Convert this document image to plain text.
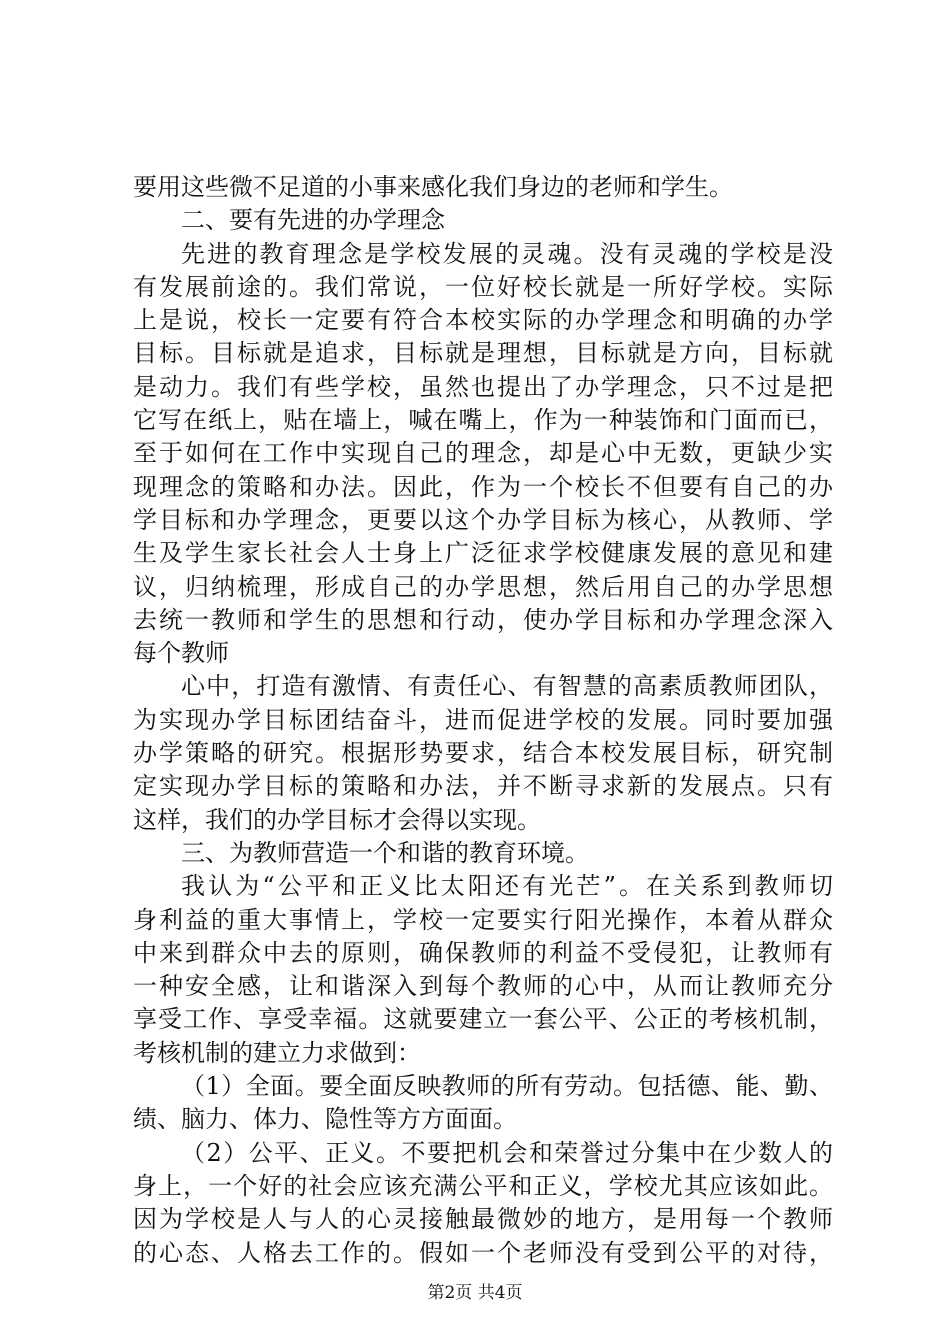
要用这些微不足道的小事来感化我们身边的老师和学生。
二、要有先进的办学理念
先进的教育理念是学校发展的灵魂。没有灵魂的学校是没
有发展前途的。我们常说，一位好校长就是一所好学校。实际
上是说，校长一定要有符合本校实际的办学理念和明确的办学
目标。目标就是追求，目标就是理想，目标就是方向，目标就
是动力。我们有些学校，虽然也提出了办学理念，只不过是把
它写在纸上，贴在墙上，喊在嘴上，作为一种装饰和门面而已，
至于如何在工作中实现自己的理念，却是心中无数，更缺少实
现理念的策略和办法。因此，作为一个校长不但要有自己的办
学目标和办学理念，更要以这个办学目标为核心，从教师、学
生及学生家长社会人士身上广泛征求学校健康发展的意见和建
议，归纳梳理，形成自己的办学思想，然后用自己的办学思想
去统一教师和学生的思想和行动，使办学目标和办学理念深入
每个教师
心中，打造有激情、有责任心、有智慧的高素质教师团队，
为实现办学目标团结奋斗，进而促进学校的发展。同时要加强
办学策略的研究。根据形势要求，结合本校发展目标，研究制
定实现办学目标的策略和办法，并不断寻求新的发展点。只有
这样，我们的办学目标才会得以实现。
三、为教师营造一个和谐的教育环境。
我认为“公平和正义比太阳还有光芒”。在关系到教师切
身利益的重大事情上，学校一定要实行阳光操作，本着从群众
中来到群众中去的原则，确保教师的利益不受侵犯，让教师有
一种安全感，让和谐深入到每个教师的心中，从而让教师充分
享受工作、享受幸福。这就要建立一套公平、公正的考核机制，
考核机制的建立力求做到：
（1）全面。要全面反映教师的所有劳动。包括德、能、勤、
绩、脑力、体力、隐性等方方面面。
（2）公平、正义。不要把机会和荣誉过分集中在少数人的
身上，一个好的社会应该充满公平和正义，学校尤其应该如此。
因为学校是人与人的心灵接触最微妙的地方，是用每一个教师
的心态、人格去工作的。假如一个老师没有受到公平的对待，
第2页 共4页
